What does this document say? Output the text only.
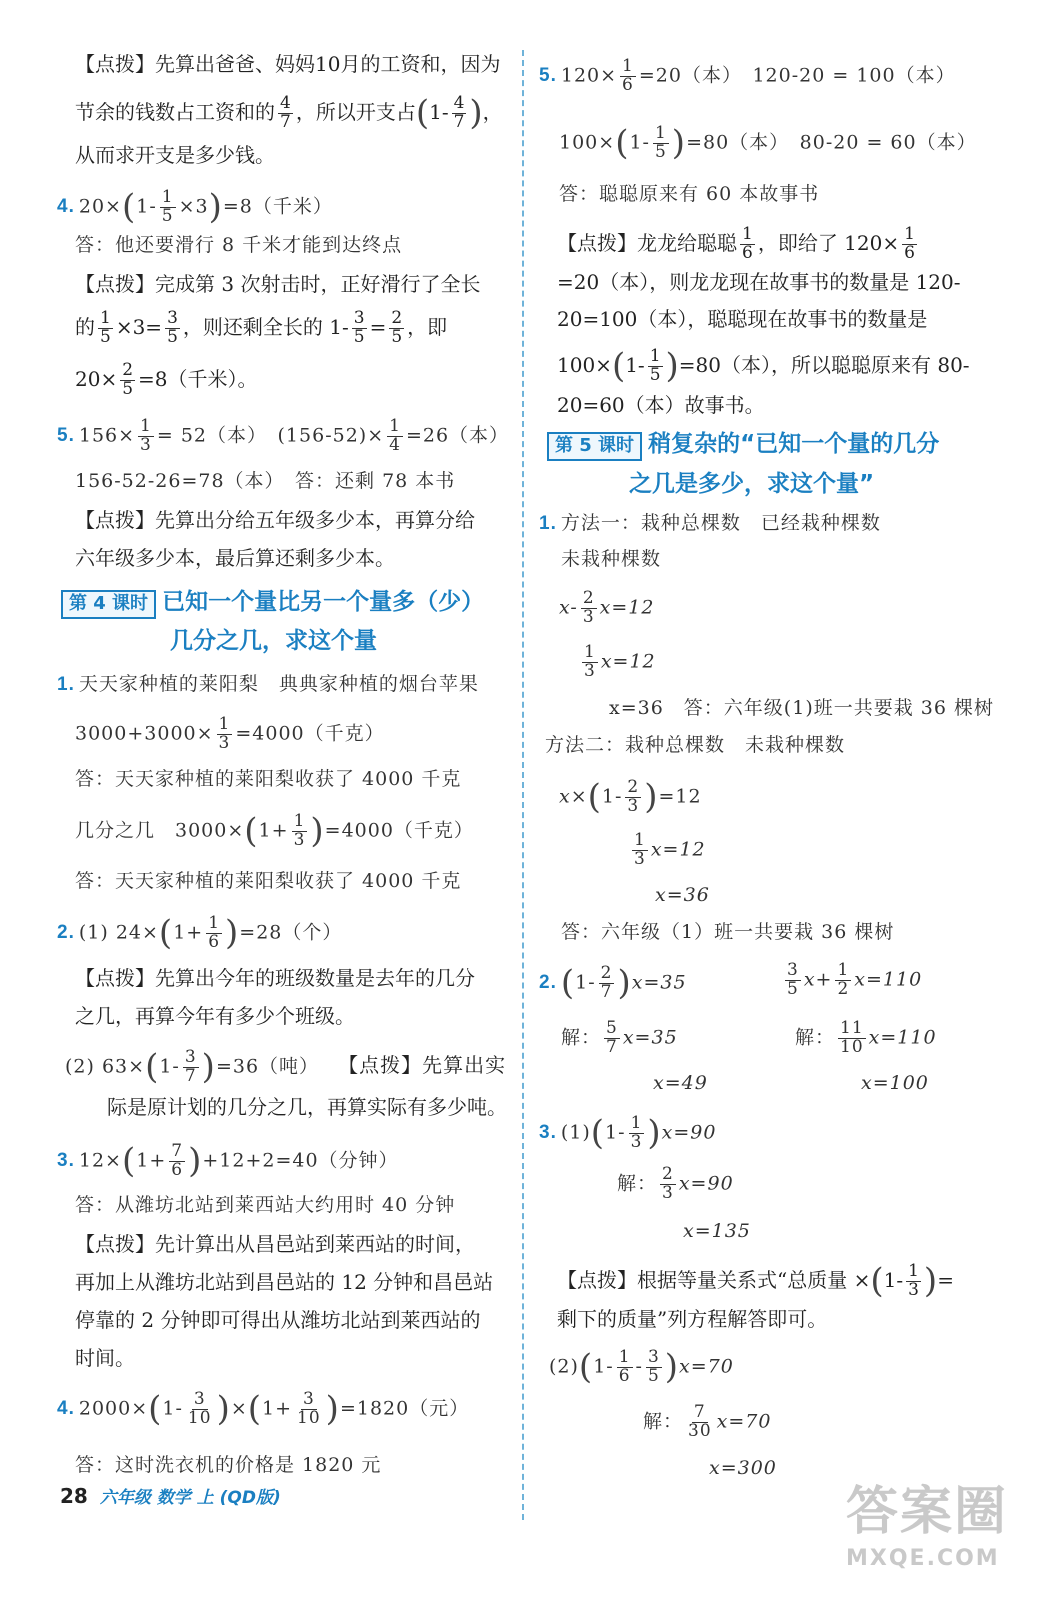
【点拨】先算出爸爸、妈妈10月的工资和，因为
节余的钱数占工资和的 $\frac{4}{7}$ ，所以开支占($1- \frac{4}{7}$ )，
从而求开支是多少钱。
4. $20\times(1- \frac{1}{5} \times 3)=8$（千米）
答：他还要滑行 8 千米才能到达终点
【点拨】完成第 3 次射击时，正好滑行了全长
的 $\frac{1}{5} \times 3= \frac{3}{5}$ ，则还剩全长的 $1- \frac{3}{5} = \frac{2}{5}$ ，即
$20\times \frac{2}{5} =8$（千米）。
5. $156\times \frac{1}{3} = 52$（本）　$(156-52)\times \frac{1}{4} =26$（本）
156-52-26=78（本）　答：还剩 78 本书
【点拨】先算出分给五年级多少本，再算分给
六年级多少本，最后算还剩多少本。
第 4 课时 已知一个量比另一个量多（少）
几分之几，求这个量
1. 天天家种植的莱阳梨　典典家种植的烟台苹果
$3000+3000\times \frac{1}{3} =4000$（千克）
答：天天家种植的莱阳梨收获了 4000 千克
几分之几　$3000\times(1+ \frac{1}{3} )=4000$（千克）
答：天天家种植的莱阳梨收获了 4000 千克
2. (1) $24\times(1+ \frac{1}{6} )=28$（个）
【点拨】先算出今年的班级数量是去年的几分
之几，再算今年有多少个班级。
(2) $63\times(1- \frac{3}{7} )=36$（吨） 【点拨】先算出实
际是原计划的几分之几，再算实际有多少吨。
3. $12\times(1+ \frac{7}{6} )+12+2=40$（分钟）
答：从潍坊北站到莱西站大约用时 40 分钟
【点拨】先计算出从昌邑站到莱西站的时间，
再加上从潍坊北站到昌邑站的 12 分钟和昌邑站
停靠的 2 分钟即可得出从潍坊北站到莱西站的
时间。
4. $2000\times(1- \frac{3}{10} )\times(1+ \frac{3}{10} )=1820$（元）
答：这时洗衣机的价格是 1820 元
5. $120\times \frac{1}{6} =20$（本）　120-20 = 100（本）
$100\times(1- \frac{1}{5} )=80$（本）　80-20 = 60（本）
答：聪聪原来有 60 本故事书
【点拨】龙龙给聪聪 $\frac{1}{6}$ ，即给了 $120\times \frac{1}{6}$
=20（本），则龙龙现在故事书的数量是 120-
20=100（本），聪聪现在故事书的数量是
$100\times(1- \frac{1}{5} )=80$（本），所以聪聪原来有 80-
20=60（本）故事书。
第 5 课时 稍复杂的“已知一个量的几分
之几是多少，求这个量”
1. 方法一：栽种总棵数　已经栽种棵数
未栽种棵数
$x- \frac{2}{3} x=12$
$\frac{1}{3} x=12$
x=36　答：六年级(1)班一共要栽 36 棵树
方法二：栽种总棵数　未栽种棵数
$x\times(1- \frac{2}{3} )=12$
$\frac{1}{3} x=12$
x=36
答：六年级（1）班一共要栽 36 棵树
2. $(1- \frac{2}{7} )x=35$	$\frac{3}{5} x+ \frac{1}{2} x=110$
解： $\frac{5}{7} x=35$	解： $\frac{11}{10} x=110$
x=49	x=100
3. $(1)(1- \frac{1}{3} )x=90$
解： $\frac{2}{3} x=90$
x=135
【点拨】根据等量关系式“总质量 $\times(1- \frac{1}{3}$ )=
剩下的质量”列方程解答即可。
$(2)(1- \frac{1}{6} - \frac{3}{5} )x=70$
解： $\frac{7}{30} x=70$
x=300
28 六年级 数学 上 (QD版)	答案圈
MXQE.COM
